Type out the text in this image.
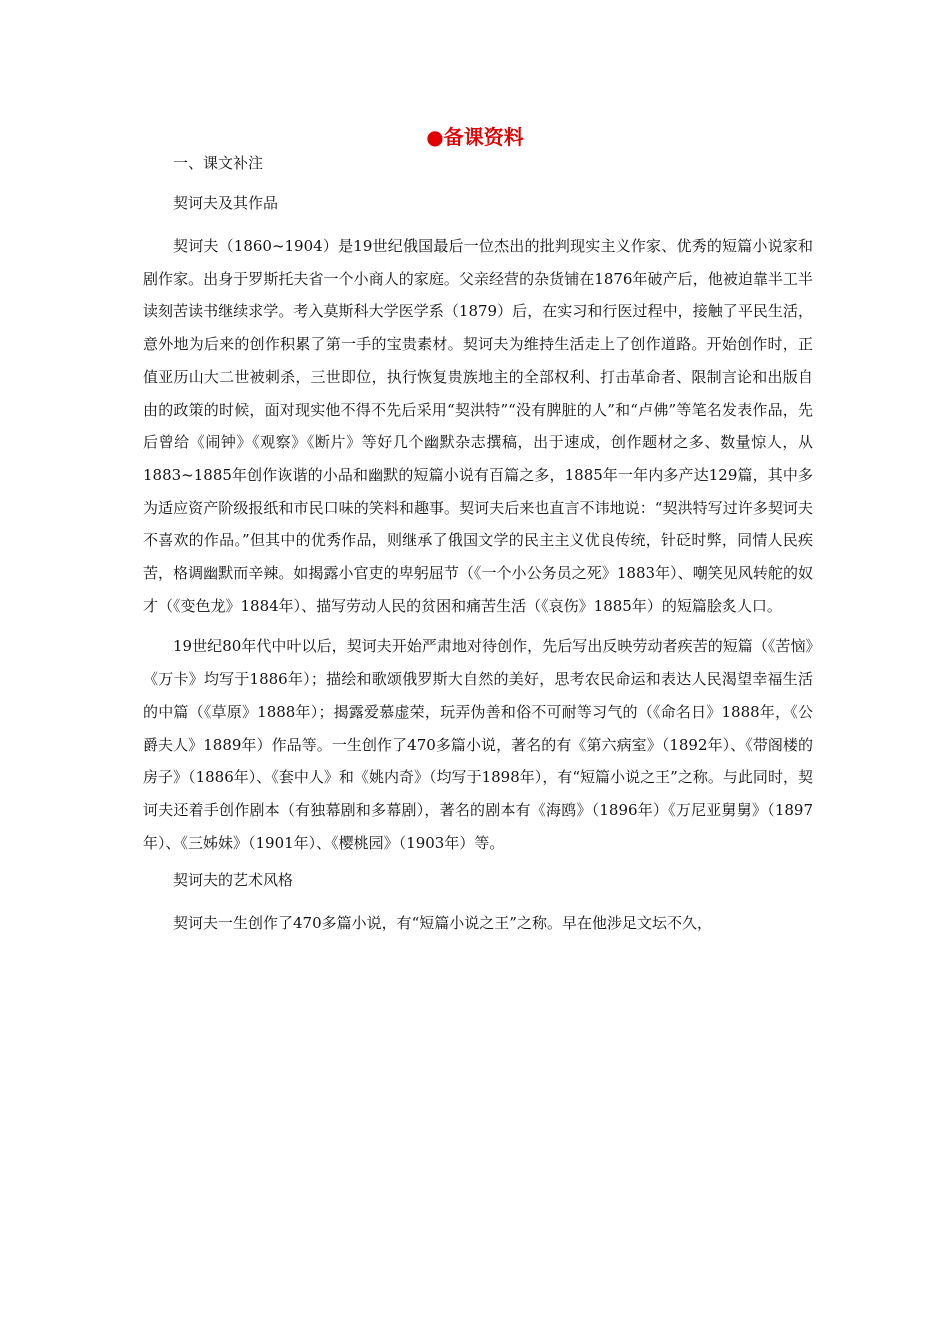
●备课资料

一、课文补注

契诃夫及其作品

契诃夫（1860~1904）是19世纪俄国最后一位杰出的批判现实主义作家、优秀的短篇小说家和剧作家。出身于罗斯托夫省一个小商人的家庭。父亲经营的杂货铺在1876年破产后，他被迫靠半工半读刻苦读书继续求学。考入莫斯科大学医学系（1879）后，在实习和行医过程中，接触了平民生活，意外地为后来的创作积累了第一手的宝贵素材。契诃夫为维持生活走上了创作道路。开始创作时，正值亚历山大二世被刺杀，三世即位，执行恢复贵族地主的全部权利、打击革命者、限制言论和出版自由的政策的时候，面对现实他不得不先后采用“契洪特”“没有脾脏的人”和“卢佛”等笔名发表作品，先后曾给《闹钟》《观察》《断片》等好几个幽默杂志撰稿，出于速成，创作题材之多、数量惊人，从1883~1885年创作诙谐的小品和幽默的短篇小说有百篇之多，1885年一年内多产达129篇，其中多为适应资产阶级报纸和市民口味的笑料和趣事。契诃夫后来也直言不讳地说：“契洪特写过许多契诃夫不喜欢的作品。”但其中的优秀作品，则继承了俄国文学的民主主义优良传统，针砭时弊，同情人民疾苦，格调幽默而辛辣。如揭露小官吏的卑躬屈节（《一个小公务员之死》1883年）、嘲笑见风转舵的奴才（《变色龙》1884年）、描写劳动人民的贫困和痛苦生活（《哀伤》1885年）的短篇脍炙人口。

19世纪80年代中叶以后，契诃夫开始严肃地对待创作，先后写出反映劳动者疾苦的短篇（《苦恼》《万卡》均写于1886年）；描绘和歌颂俄罗斯大自然的美好，思考农民命运和表达人民渴望幸福生活的中篇（《草原》1888年）；揭露爱慕虚荣，玩弄伪善和俗不可耐等习气的（《命名日》1888年，《公爵夫人》1889年）作品等。一生创作了470多篇小说，著名的有《第六病室》（1892年）、《带阁楼的房子》（1886年）、《套中人》和《姚内奇》（均写于1898年），有“短篇小说之王”之称。与此同时，契诃夫还着手创作剧本（有独幕剧和多幕剧），著名的剧本有《海鸥》（1896年）《万尼亚舅舅》（1897年）、《三姊妹》（1901年）、《樱桃园》（1903年）等。

契诃夫的艺术风格

契诃夫一生创作了470多篇小说，有“短篇小说之王”之称。早在他涉足文坛不久，
